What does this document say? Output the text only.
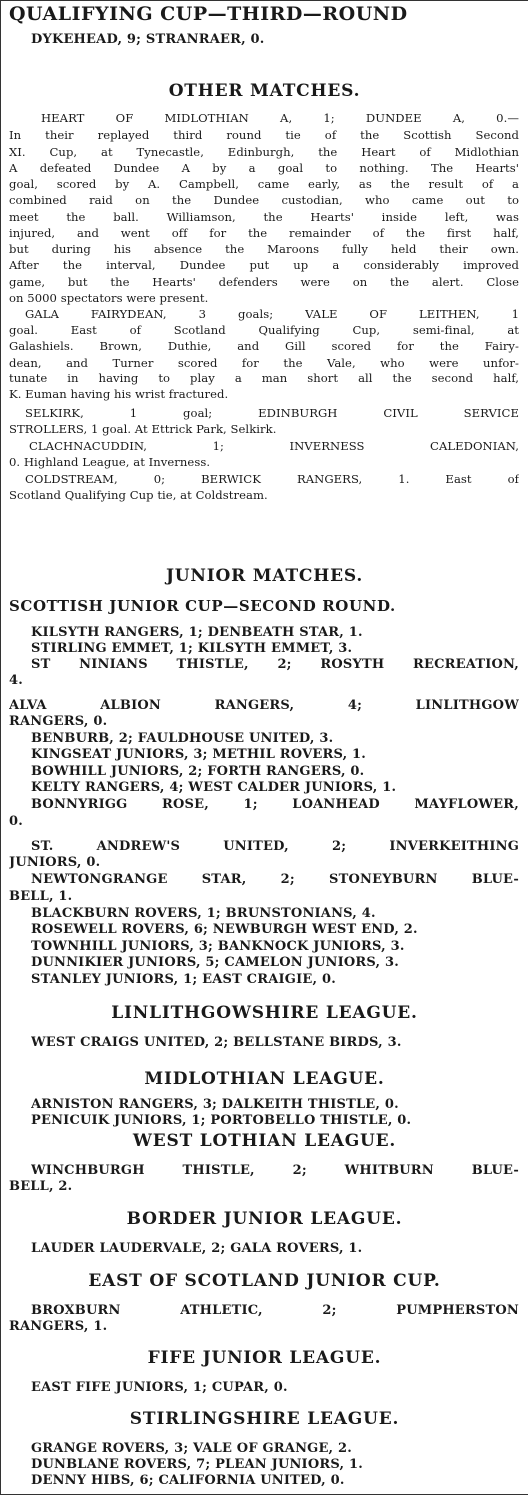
QUALIFYING CUP—THIRD—ROUND
DYKEHEAD, 9; STRANRAER, 0.
OTHER MATCHES.
HEART OF MIDLOTHIAN A, 1; DUNDEE A, 0.—
In their replayed third round tie of the Scottish Second
XI. Cup, at Tynecastle, Edinburgh, the Heart of Midlothian
A defeated Dundee A by a goal to nothing. The Hearts'
goal, scored by A. Campbell, came early, as the result of a
combined raid on the Dundee custodian, who came out to
meet the ball. Williamson, the Hearts' inside left, was
injured, and went off for the remainder of the first half,
but during his absence the Maroons fully held their own.
After the interval, Dundee put up a considerably improved
game, but the Hearts' defenders were on the alert. Close
on 5000 spectators were present.
GALA FAIRYDEAN, 3 goals; VALE OF LEITHEN, 1
goal. East of Scotland Qualifying Cup, semi-final, at
Galashiels. Brown, Duthie, and Gill scored for the Fairy-
dean, and Turner scored for the Vale, who were unfor-
tunate in having to play a man short all the second half,
K. Euman having his wrist fractured.
SELKIRK, 1 goal; EDINBURGH CIVIL SERVICE
STROLLERS, 1 goal. At Ettrick Park, Selkirk.
CLACHNACUDDIN, 1; INVERNESS CALEDONIAN,
0. Highland League, at Inverness.
COLDSTREAM, 0; BERWICK RANGERS, 1. East of
Scotland Qualifying Cup tie, at Coldstream.
JUNIOR MATCHES.
SCOTTISH JUNIOR CUP—SECOND ROUND.
KILSYTH RANGERS, 1; DENBEATH STAR, 1.
STIRLING EMMET, 1; KILSYTH EMMET, 3.
ST NINIANS THISTLE, 2; ROSYTH RECREATION,
4.
ALVA ALBION RANGERS, 4; LINLITHGOW
RANGERS, 0.
BENBURB, 2; FAULDHOUSE UNITED, 3.
KINGSEAT JUNIORS, 3; METHIL ROVERS, 1.
BOWHILL JUNIORS, 2; FORTH RANGERS, 0.
KELTY RANGERS, 4; WEST CALDER JUNIORS, 1.
BONNYRIGG ROSE, 1; LOANHEAD MAYFLOWER,
0.
ST. ANDREW'S UNITED, 2; INVERKEITHING
JUNIORS, 0.
NEWTONGRANGE STAR, 2; STONEYBURN BLUE-
BELL, 1.
BLACKBURN ROVERS, 1; BRUNSTONIANS, 4.
ROSEWELL ROVERS, 6; NEWBURGH WEST END, 2.
TOWNHILL JUNIORS, 3; BANKNOCK JUNIORS, 3.
DUNNIKIER JUNIORS, 5; CAMELON JUNIORS, 3.
STANLEY JUNIORS, 1; EAST CRAIGIE, 0.
LINLITHGOWSHIRE LEAGUE.
WEST CRAIGS UNITED, 2; BELLSTANE BIRDS, 3.
MIDLOTHIAN LEAGUE.
ARNISTON RANGERS, 3; DALKEITH THISTLE, 0.
PENICUIK JUNIORS, 1; PORTOBELLO THISTLE, 0.
WEST LOTHIAN LEAGUE.
WINCHBURGH THISTLE, 2; WHITBURN BLUE-
BELL, 2.
BORDER JUNIOR LEAGUE.
LAUDER LAUDERVALE, 2; GALA ROVERS, 1.
EAST OF SCOTLAND JUNIOR CUP.
BROXBURN ATHLETIC, 2; PUMPHERSTON
RANGERS, 1.
FIFE JUNIOR LEAGUE.
EAST FIFE JUNIORS, 1; CUPAR, 0.
STIRLINGSHIRE LEAGUE.
GRANGE ROVERS, 3; VALE OF GRANGE, 2.
DUNBLANE ROVERS, 7; PLEAN JUNIORS, 1.
DENNY HIBS, 6; CALIFORNIA UNITED, 0.
